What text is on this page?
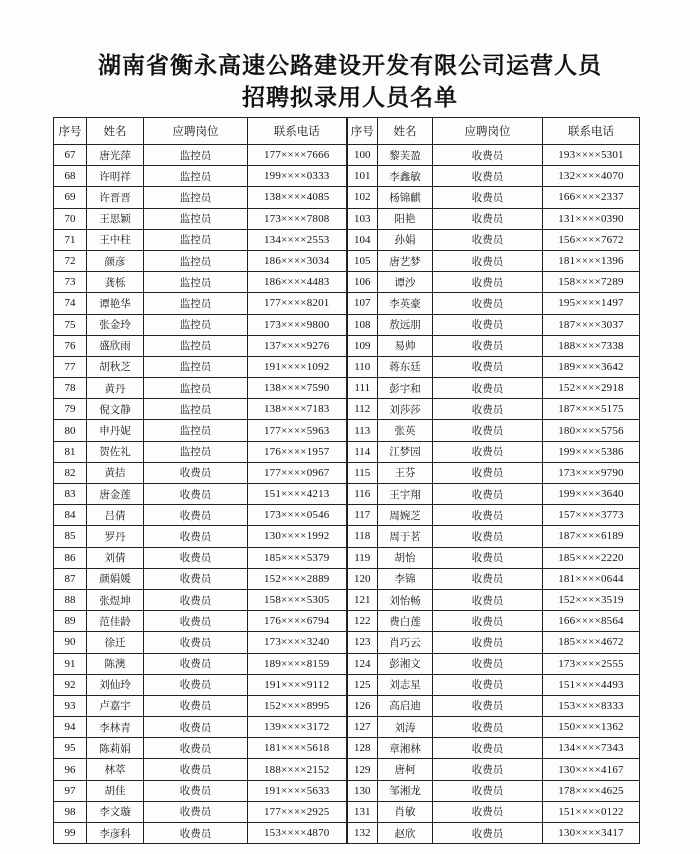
湖南省衡永高速公路建设开发有限公司运营人员
招聘拟录用人员名单
序号	姓名	应聘岗位	联系电话	序号	姓名	应聘岗位	联系电话
67	唐光萍	监控员	177××××7666	100	黎芙盈	收费员	193××××5301
68	许明祥	监控员	199××××0333	101	李鑫敏	收费员	132××××4070
69	许晋晋	监控员	138××××4085	102	杨锦麒	收费员	166××××2337
70	王思颖	监控员	173××××7808	103	阳艳	收费员	131××××0390
71	王中柱	监控员	134××××2553	104	孙娟	收费员	156××××7672
72	颜彦	监控员	186××××3034	105	唐艺梦	收费员	181××××1396
73	龚栎	监控员	186××××4483	106	谭沙	收费员	158××××7289
74	谭艳华	监控员	177××××8201	107	李英豪	收费员	195××××1497
75	张金玲	监控员	173××××9800	108	敖远朋	收费员	187××××3037
76	盛欣雨	监控员	137××××9276	109	易帅	收费员	188××××7338
77	胡秋芝	监控员	191××××1092	110	蒋东廷	收费员	189××××3642
78	黄丹	监控员	138××××7590	111	彭宇和	收费员	152××××2918
79	倪文静	监控员	138××××7183	112	刘莎莎	收费员	187××××5175
80	申丹妮	监控员	177××××5963	113	张英	收费员	180××××5756
81	贺佐礼	监控员	176××××1957	114	江梦园	收费员	199××××5386
82	黄拮	收费员	177××××0967	115	王芬	收费员	173××××9790
83	唐金莲	收费员	151××××4213	116	王宇翔	收费员	199××××3640
84	吕倩	收费员	173××××0546	117	周婉芝	收费员	157××××3773
85	罗丹	收费员	130××××1992	118	周于茗	收费员	187××××6189
86	刘倩	收费员	185××××5379	119	胡怡	收费员	185××××2220
87	颜娟媛	收费员	152××××2889	120	李锦	收费员	181××××0644
88	张煜坤	收费员	158××××5305	121	刘怡畅	收费员	152××××3519
89	范佳龄	收费员	176××××6794	122	费白莲	收费员	166××××8564
90	徐迁	收费员	173××××3240	123	肖巧云	收费员	185××××4672
91	陈澳	收费员	189××××8159	124	彭湘文	收费员	173××××2555
92	刘仙玲	收费员	191××××9112	125	刘志星	收费员	151××××4493
93	卢嘉宇	收费员	152××××8995	126	高启迪	收费员	153××××8333
94	李林青	收费员	139××××3172	127	刘涛	收费员	150××××1362
95	陈莉娟	收费员	181××××5618	128	章湘林	收费员	134××××7343
96	林萃	收费员	188××××2152	129	唐柯	收费员	130××××4167
97	胡佳	收费员	191××××5633	130	邹湘龙	收费员	178××××4625
98	李文璇	收费员	177××××2925	131	肖敏	收费员	151××××0122
99	李彦科	收费员	153××××4870	132	赵欣	收费员	130××××3417
